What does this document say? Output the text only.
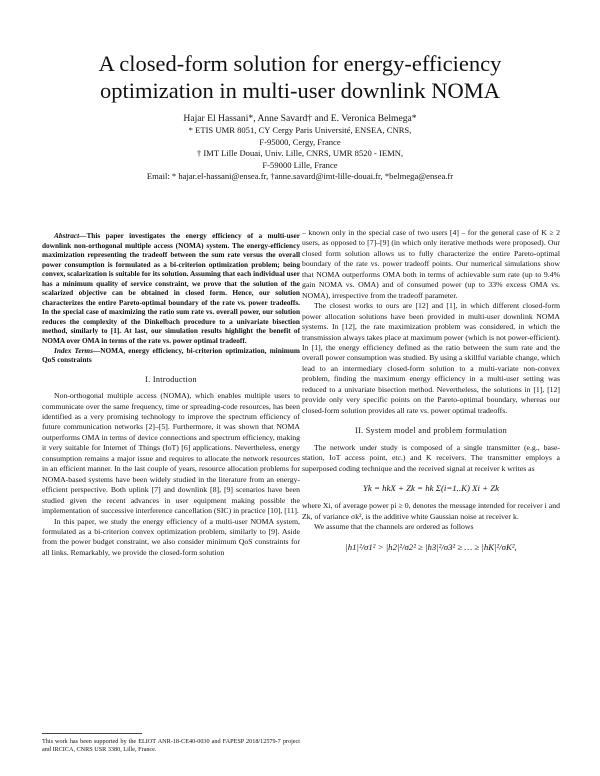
A closed-form solution for energy-efficiency
optimization in multi-user downlink NOMA
Hajar El Hassani*, Anne Savard† and E. Veronica Belmega*
* ETIS UMR 8051, CY Cergy Paris Université, ENSEA, CNRS,
F-95000, Cergy, France
† IMT Lille Douai, Univ. Lille, CNRS, UMR 8520 - IEMN,
F-59000 Lille, France
Email: * hajar.el-hassani@ensea.fr, †anne.savard@imt-lille-douai.fr, *belmega@ensea.fr

Abstract—This paper investigates the energy efficiency of a multi-user downlink non-orthogonal multiple access (NOMA) system. The energy-efficiency maximization representing the tradeoff between the sum rate versus the overall power consumption is formulated as a bi-criterion optimization problem; being convex, scalarization is suitable for its solution. Assuming that each individual user has a minimum quality of service constraint, we prove that the solution of the scalarized objective can be obtained in closed form. Hence, our solution characterizes the entire Pareto-optimal boundary of the rate vs. power tradeoffs. In the special case of maximizing the ratio sum rate vs. overall power, our solution reduces the complexity of the Dinkelbach procedure to a univariate bisection method, similarly to [1]. At last, our simulation results highlight the benefit of NOMA over OMA in terms of the rate vs. power optimal tradeoff.

Index Terms—NOMA, energy efficiency, bi-criterion optimization, minimum QoS constraints

I. Introduction

Non-orthogonal multiple access (NOMA), which enables multiple users to communicate over the same frequency, time or spreading-code resources, has been identified as a very promising technology to improve the spectrum efficiency of future communication networks [2]–[5]. Furthermore, it was shown that NOMA outperforms OMA in terms of device connections and spectrum efficiency, making it very suitable for Internet of Things (IoT) [6] applications. Nevertheless, energy consumption remains a major issue and requires to allocate the network resources in an efficient manner. In the last couple of years, resource allocation problems for NOMA-based systems have been widely studied in the literature from an energy-efficient perspective. Both uplink [7] and downlink [8], [9] scenarios have been studied given the recent advances in user equipment making possible the implementation of successive interference cancellation (SIC) in practice [10], [11].

In this paper, we study the energy efficiency of a multi-user NOMA system, formulated as a bi-criterion convex optimization problem, similarly to [9]. Aside from the power budget constraint, we also consider minimum QoS constraints for all links. Remarkably, we provide the closed-form solution

This work has been supported by the ELIOT ANR-18-CE40-0030 and FAPESP 2018/12579-7 project and IRCICA, CNRS USR 3380, Lille, France.

– known only in the special case of two users [4] – for the general case of K ≥ 2 users, as opposed to [7]–[9] (in which only iterative methods were proposed). Our closed form solution allows us to fully characterize the entire Pareto-optimal boundary of the rate vs. power tradeoff points. Our numerical simulations show that NOMA outperforms OMA both in terms of achievable sum rate (up to 9.4% gain NOMA vs. OMA) and of consumed power (up to 33% excess OMA vs. NOMA), irrespective from the tradeoff parameter.

The closest works to ours are [12] and [1], in which different closed-form power allocation solutions have been provided in multi-user downlink NOMA systems. In [12], the rate maximization problem was considered, in which the transmission always takes place at maximum power (which is not power-efficient). In [1], the energy efficiency defined as the ratio between the sum rate and the overall power consumption was studied. By using a skillful variable change, which lead to an intermediary closed-form solution to a multi-variate non-convex problem, finding the maximum energy efficiency in a multi-user setting was reduced to a univariate bisection method. Nevertheless, the solutions in [1], [12] provide only very specific points on the Pareto-optimal boundary, whereas our closed-form solution provides all rate vs. power optimal tradeoffs.

II. System model and problem formulation

The network under study is composed of a single transmitter (e.g., base-station, IoT access point, etc.) and K receivers. The transmitter employs a superposed coding technique and the received signal at receiver k writes as

Yk = hkX + Zk = hk Σ(i=1..K) Xi + Zk

where Xi, of average power pi ≥ 0, denotes the message intended for receiver i and Zk, of variance σk², is the additive white Gaussian noise at receiver k.

We assume that the channels are ordered as follows

|h1|²/σ1² > |h2|²/σ2² ≥ |h3|²/σ3² ≥ … ≥ |hK|²/σK²,
